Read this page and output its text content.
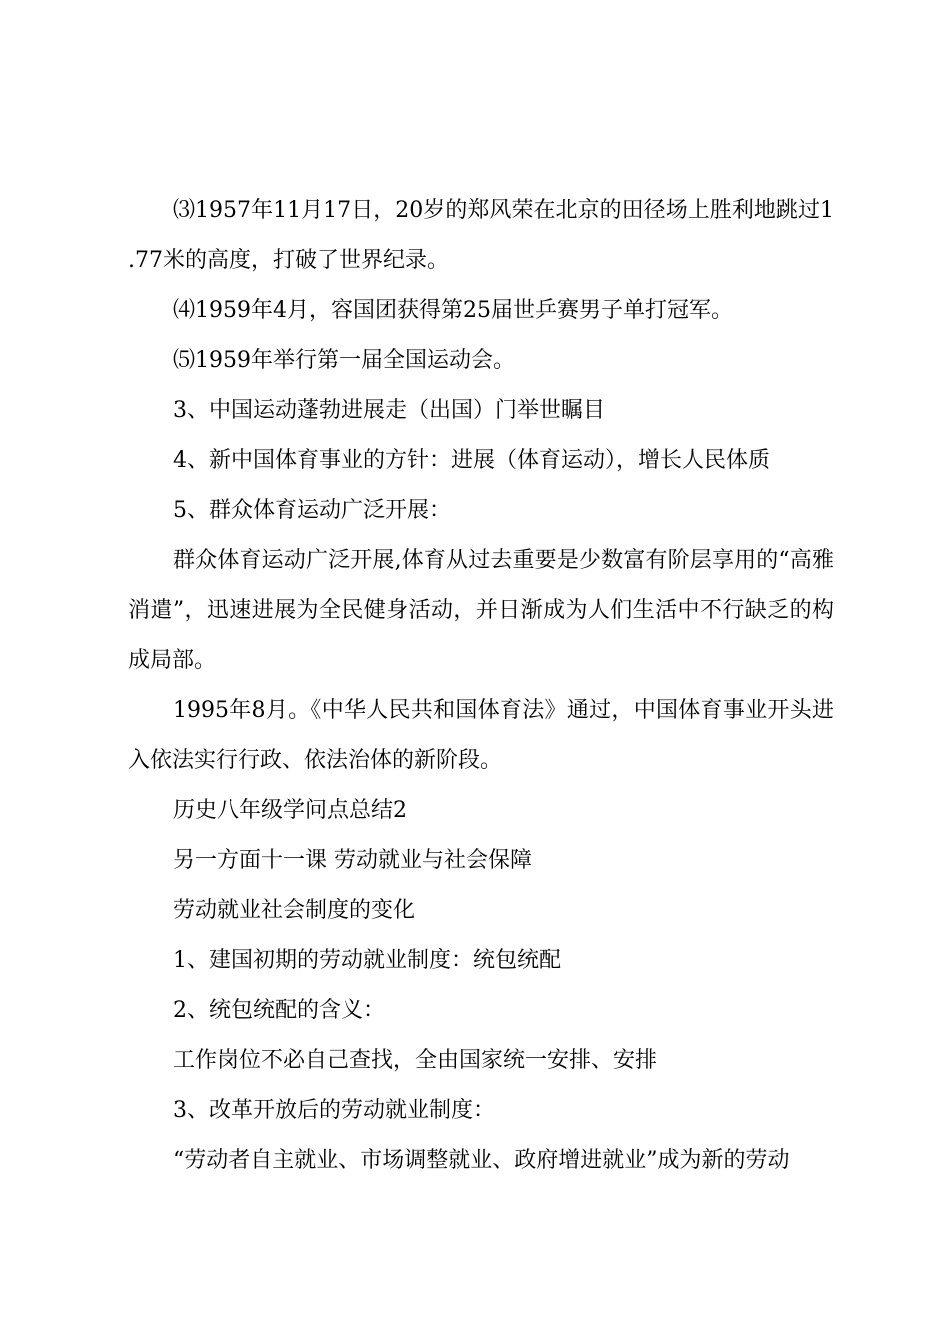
⑶1957年11月17日，20岁的郑风荣在北京的田径场上胜利地跳过1.77米的高度，打破了世界纪录。

⑷1959年4月，容国团获得第25届世乒赛男子单打冠军。

⑸1959年举行第一届全国运动会。

3、中国运动蓬勃进展走（出国）门举世瞩目

4、新中国体育事业的方针：进展（体育运动），增长人民体质

5、群众体育运动广泛开展：

群众体育运动广泛开展,体育从过去重要是少数富有阶层享用的“高雅消遣”，迅速进展为全民健身活动，并日渐成为人们生活中不行缺乏的构成局部。

1995年8月。《中华人民共和国体育法》通过，中国体育事业开头进入依法实行行政、依法治体的新阶段。

历史八年级学问点总结2

另一方面十一课 劳动就业与社会保障

劳动就业社会制度的变化

1、建国初期的劳动就业制度：统包统配

2、统包统配的含义：

工作岗位不必自己查找，全由国家统一安排、安排

3、改革开放后的劳动就业制度：

“劳动者自主就业、市场调整就业、政府增进就业”成为新的劳动
